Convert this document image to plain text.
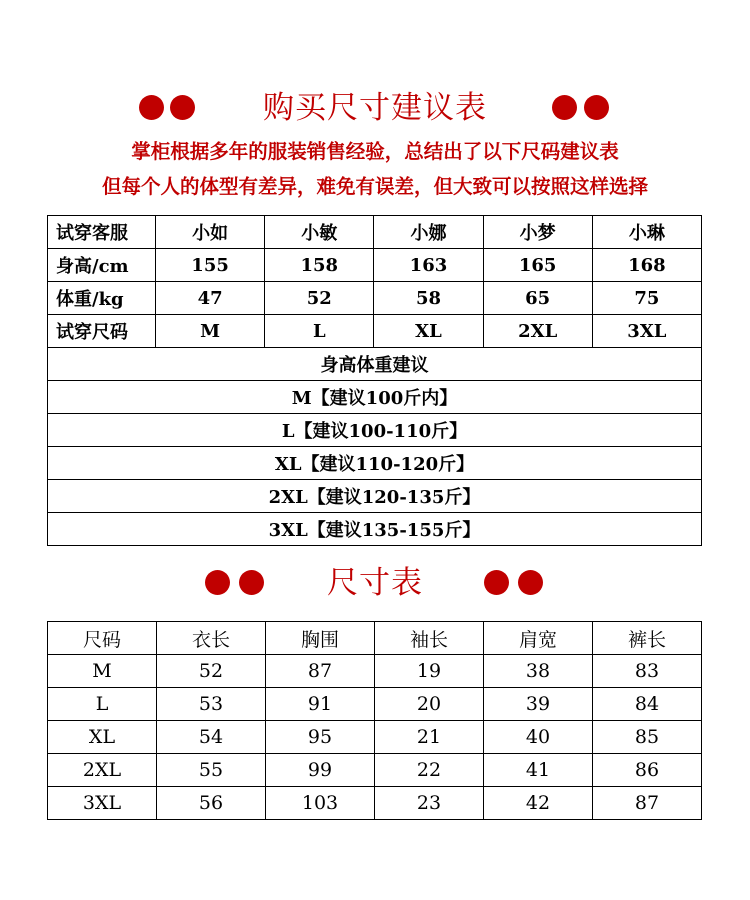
购买尺寸建议表
掌柜根据多年的服装销售经验，总结出了以下尺码建议表
但每个人的体型有差异，难免有误差，但大致可以按照这样选择
试穿客服	小如	小敏	小娜	小梦	小琳
身高/cm	155	158	163	165	168
体重/kg	47	52	58	65	75
试穿尺码	M	L	XL	2XL	3XL
身高体重建议					
M【建议100斤内】					
L【建议100-110斤】					
XL【建议110-120斤】					
2XL【建议120-135斤】					
3XL【建议135-155斤】					
尺寸表
尺码	衣长	胸围	袖长	肩宽	裤长
M	52	87	19	38	83
L	53	91	20	39	84
XL	54	95	21	40	85
2XL	55	99	22	41	86
3XL	56	103	23	42	87
